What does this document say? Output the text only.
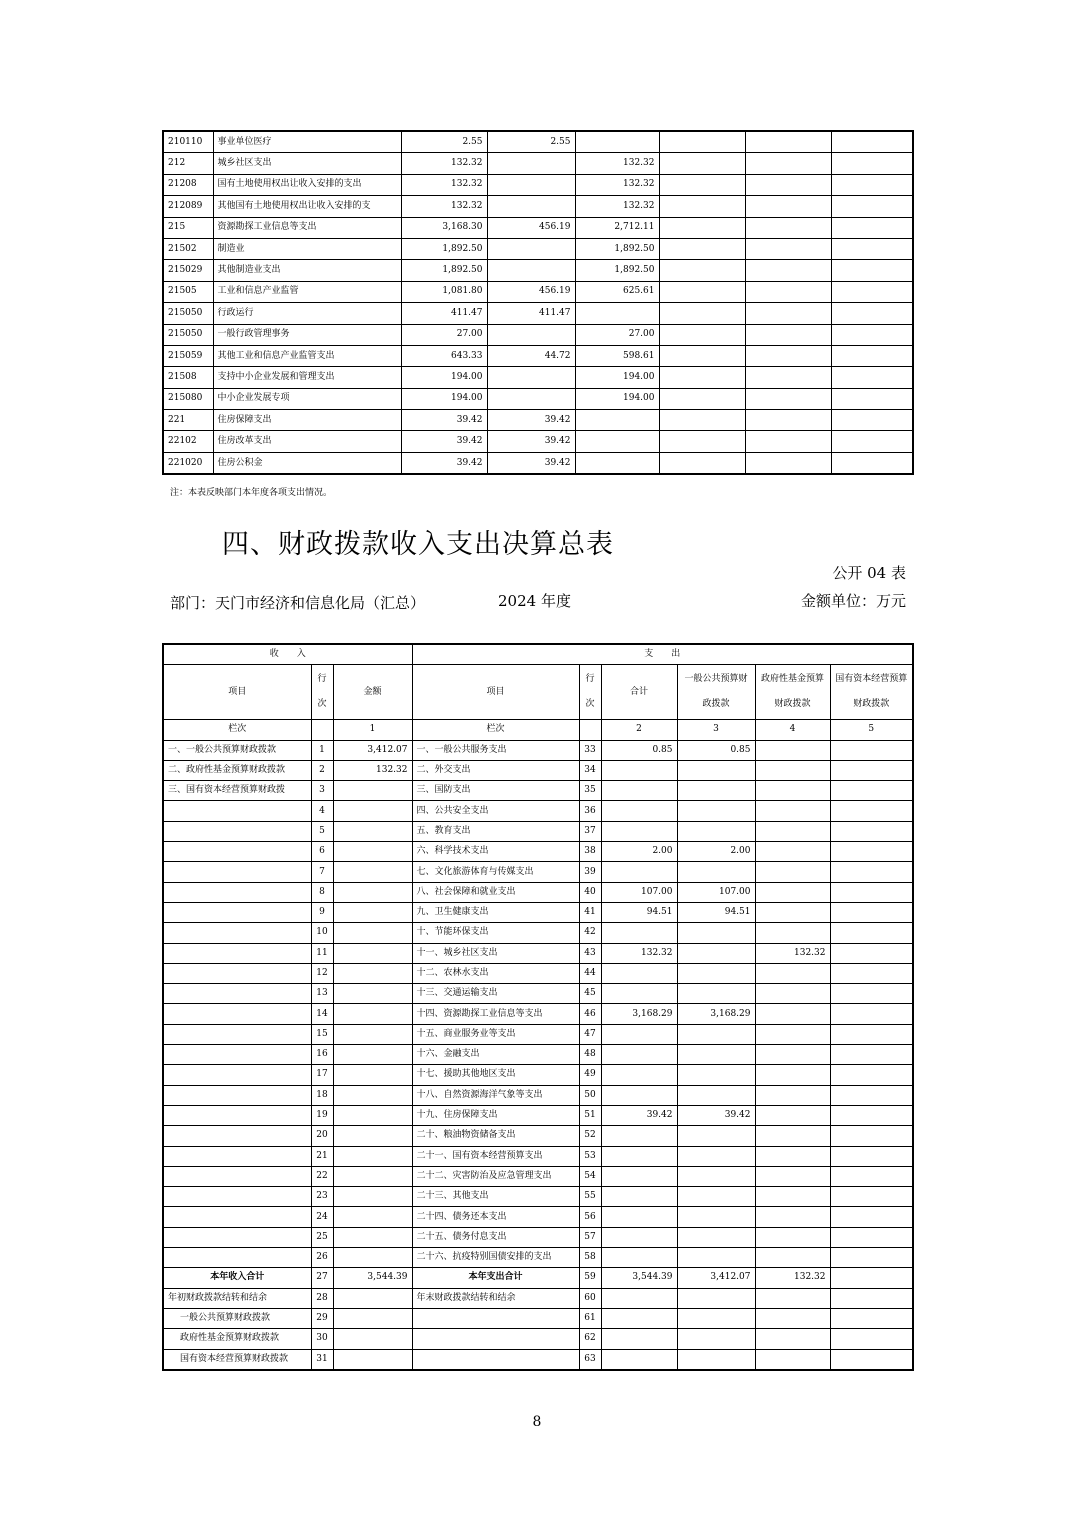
210110	事业单位医疗	2.55	2.55				
212	城乡社区支出	132.32		132.32			
21208	国有土地使用权出让收入安排的支出	132.32		132.32			
212089	其他国有土地使用权出让收入安排的支	132.32		132.32			
215	资源勘探工业信息等支出	3,168.30	456.19	2,712.11			
21502	制造业	1,892.50		1,892.50			
215029	其他制造业支出	1,892.50		1,892.50			
21505	工业和信息产业监管	1,081.80	456.19	625.61			
215050	行政运行	411.47	411.47				
215050	一般行政管理事务	27.00		27.00			
215059	其他工业和信息产业监管支出	643.33	44.72	598.61			
21508	支持中小企业发展和管理支出	194.00		194.00			
215080	中小企业发展专项	194.00		194.00			
221	住房保障支出	39.42	39.42				
22102	住房改革支出	39.42	39.42				
221020	住房公积金	39.42	39.42				
注：本表反映部门本年度各项支出情况。
四、财政拨款收入支出决算总表
公开 04 表
部门：天门市经济和信息化局（汇总）	2024 年度	金额单位：万元
收　　入			支　　出					
项目	行次	金额	项目	行次	合计	一般公共预算财政拨款	政府性基金预算财政拨款	国有资本经营预算财政拨款
栏次		1	栏次		2	3	4	5
一、一般公共预算财政拨款	1	3,412.07	一、一般公共服务支出	33	0.85	0.85		
二、政府性基金预算财政拨款	2	132.32	二、外交支出	34				
三、国有资本经营预算财政拨	3		三、国防支出	35				
	4		四、公共安全支出	36				
	5		五、教育支出	37				
	6		六、科学技术支出	38	2.00	2.00		
	7		七、文化旅游体育与传媒支出	39				
	8		八、社会保障和就业支出	40	107.00	107.00		
	9		九、卫生健康支出	41	94.51	94.51		
	10		十、节能环保支出	42				
	11		十一、城乡社区支出	43	132.32		132.32	
	12		十二、农林水支出	44				
	13		十三、交通运输支出	45				
	14		十四、资源勘探工业信息等支出	46	3,168.29	3,168.29		
	15		十五、商业服务业等支出	47				
	16		十六、金融支出	48				
	17		十七、援助其他地区支出	49				
	18		十八、自然资源海洋气象等支出	50				
	19		十九、住房保障支出	51	39.42	39.42		
	20		二十、粮油物资储备支出	52				
	21		二十一、国有资本经营预算支出	53				
	22		二十二、灾害防治及应急管理支出	54				
	23		二十三、其他支出	55				
	24		二十四、债务还本支出	56				
	25		二十五、债务付息支出	57				
	26		二十六、抗疫特别国债安排的支出	58				
本年收入合计	27	3,544.39	本年支出合计	59	3,544.39	3,412.07	132.32	
年初财政拨款结转和结余	28		年末财政拨款结转和结余	60				
一般公共预算财政拨款	29			61				
政府性基金预算财政拨款	30			62				
国有资本经营预算财政拨款	31			63				
8
